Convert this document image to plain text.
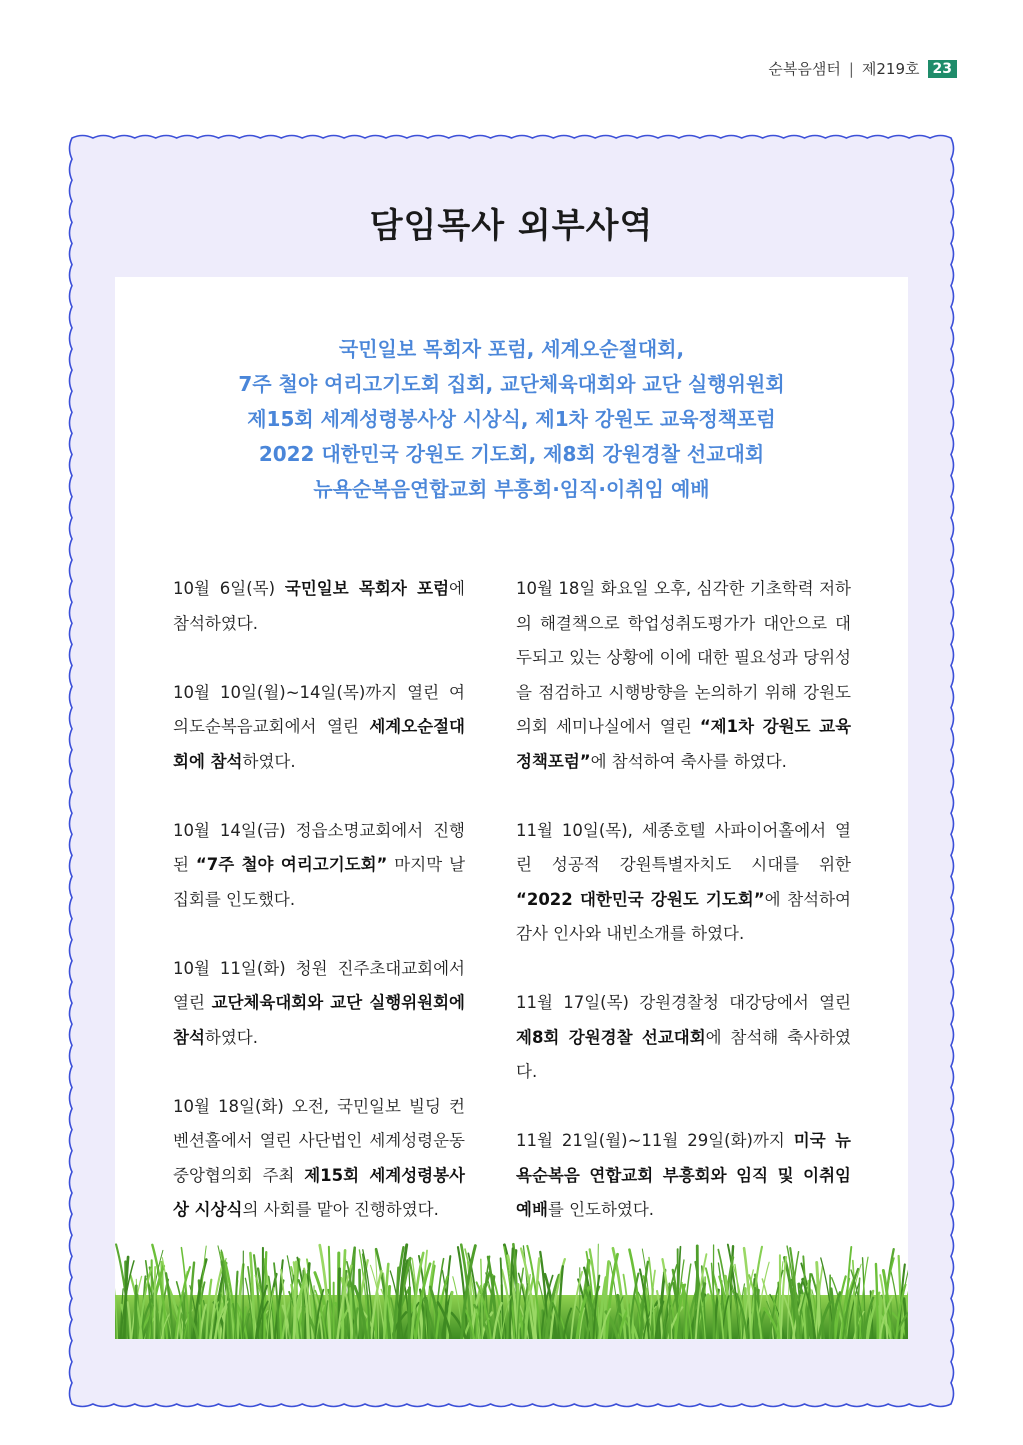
순복음샘터 | 제219호 23
담임목사 외부사역
국민일보 목회자 포럼, 세계오순절대회,
7주 철야 여리고기도회 집회, 교단체육대회와 교단 실행위원회
제15회 세계성령봉사상 시상식, 제1차 강원도 교육정책포럼
2022 대한민국 강원도 기도회, 제8회 강원경찰 선교대회
뉴욕순복음연합교회 부흥회·임직·이취임 예배

10월 6일(목) 국민일보 목회자 포럼에 참석하였다.

10월 10일(월)~14일(목)까지 열린 여의도순복음교회에서 열린 세계오순절대회에 참석하였다.

10월 14일(금) 정읍소명교회에서 진행된 “7주 철야 여리고기도회” 마지막 날 집회를 인도했다.

10월 11일(화) 청원 진주초대교회에서 열린 교단체육대회와 교단 실행위원회에 참석하였다.

10월 18일(화) 오전, 국민일보 빌딩 컨벤션홀에서 열린 사단법인 세계성령운동중앙협의회 주최 제15회 세계성령봉사상 시상식의 사회를 맡아 진행하였다.

10월 18일 화요일 오후, 심각한 기초학력 저하의 해결책으로 학업성취도평가가 대안으로 대두되고 있는 상황에 이에 대한 필요성과 당위성을 점검하고 시행방향을 논의하기 위해 강원도 의회 세미나실에서 열린 “제1차 강원도 교육정책포럼”에 참석하여 축사를 하였다.

11월 10일(목), 세종호텔 사파이어홀에서 열린 성공적 강원특별자치도 시대를 위한 “2022 대한민국 강원도 기도회”에 참석하여 감사 인사와 내빈소개를 하였다.

11월 17일(목) 강원경찰청 대강당에서 열린 제8회 강원경찰 선교대회에 참석해 축사하였다.

11월 21일(월)~11월 29일(화)까지 미국 뉴욕순복음 연합교회 부흥회와 임직 및 이취임 예배를 인도하였다.
